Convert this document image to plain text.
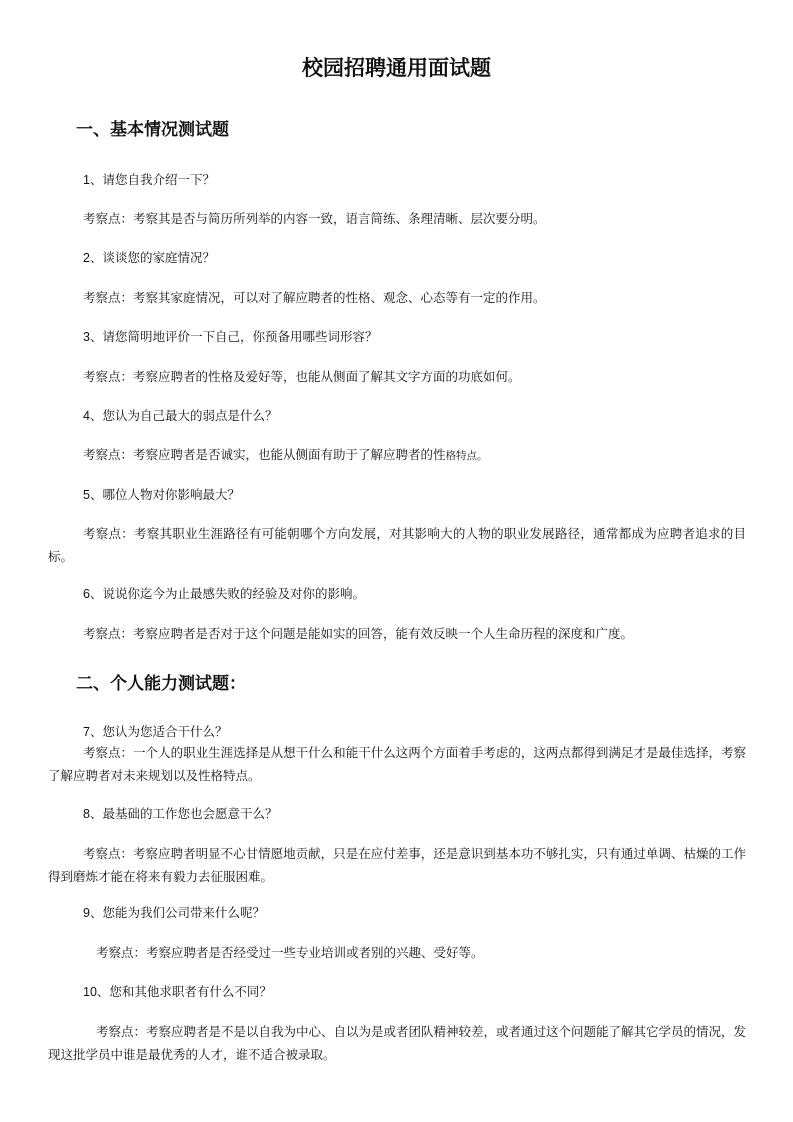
校园招聘通用面试题
一、基本情况测试题

1、请您自我介绍一下？

考察点：考察其是否与简历所列举的内容一致，语言简练、条理清晰、层次要分明。

2、谈谈您的家庭情况？

考察点：考察其家庭情况，可以对了解应聘者的性格、观念、心态等有一定的作用。

3、请您简明地评价一下自己，你预备用哪些词形容？

考察点：考察应聘者的性格及爱好等，也能从侧面了解其文字方面的功底如何。

4、您认为自己最大的弱点是什么？

考察点：考察应聘者是否诚实，也能从侧面有助于了解应聘者的性格特点。

5、哪位人物对你影响最大？

考察点：考察其职业生涯路径有可能朝哪个方向发展，对其影响大的人物的职业发展路径，通常都成为应聘者追求的目标。

6、说说你迄今为止最感失败的经验及对你的影响。

考察点：考察应聘者是否对于这个问题是能如实的回答，能有效反映一个人生命历程的深度和广度。

二、个人能力测试题：

7、您认为您适合干什么？

考察点：一个人的职业生涯选择是从想干什么和能干什么这两个方面着手考虑的，这两点都得到满足才是最佳选择，考察了解应聘者对未来规划以及性格特点。

8、最基础的工作您也会愿意干么？

考察点：考察应聘者明显不心甘情愿地贡献，只是在应付差事，还是意识到基本功不够扎实，只有通过单调、枯燥的工作得到磨炼才能在将来有毅力去征服困难。

9、您能为我们公司带来什么呢？

考察点：考察应聘者是否经受过一些专业培训或者别的兴趣、受好等。

10、您和其他求职者有什么不同？

考察点：考察应聘者是不是以自我为中心、自以为是或者团队精神较差，或者通过这个问题能了解其它学员的情况，发现这批学员中谁是最优秀的人才，谁不适合被录取。
